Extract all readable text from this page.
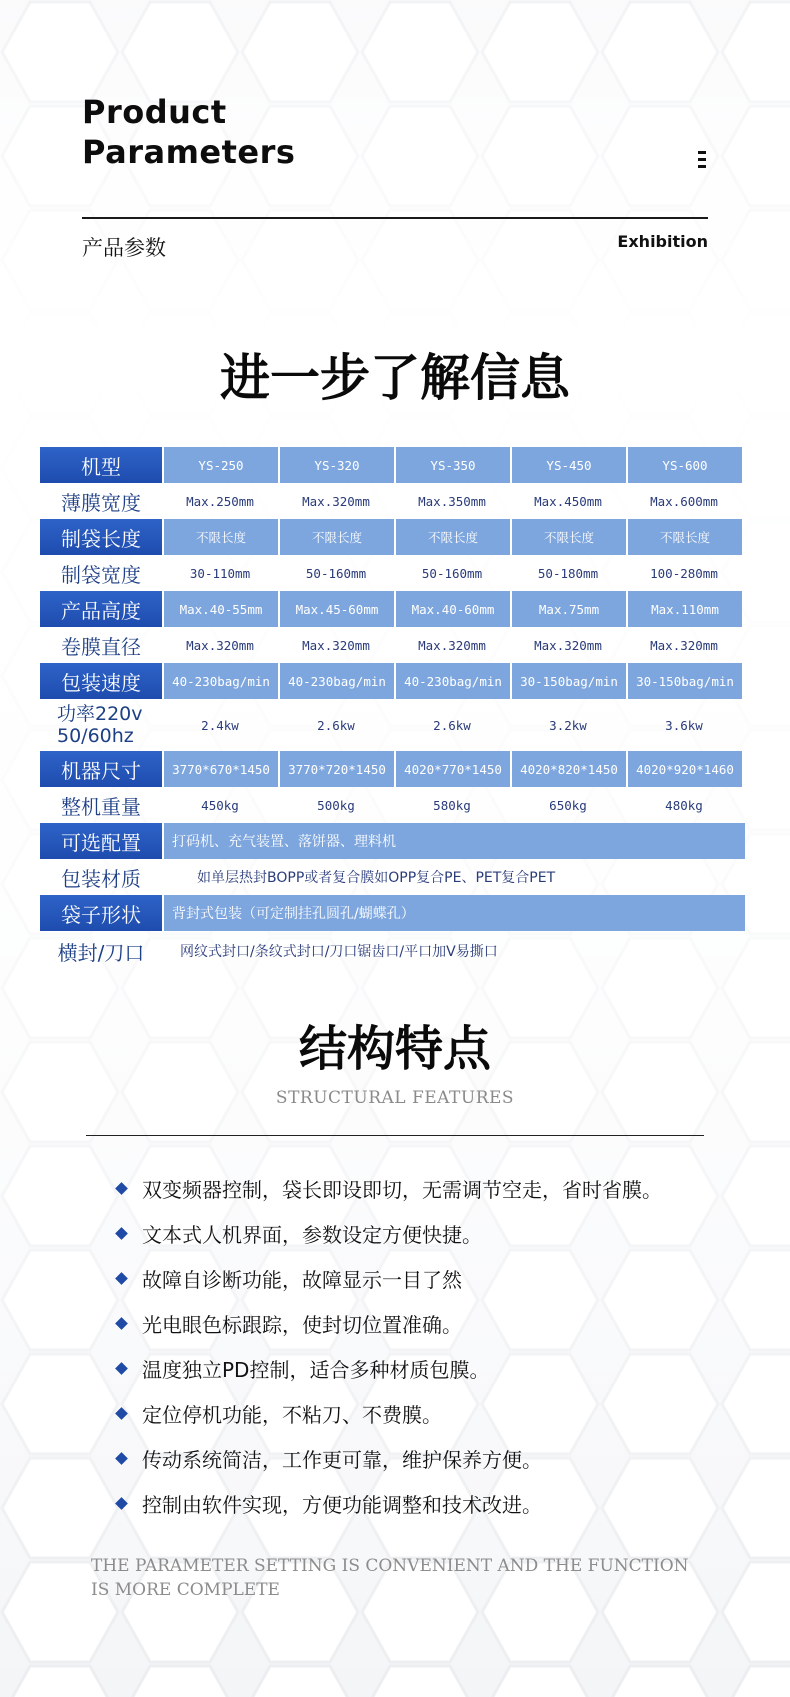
Product
Parameters
产品参数	Exhibition
进一步了解信息
机型	YS-250	YS-320	YS-350	YS-450	YS-600
薄膜宽度	Max.250mm	Max.320mm	Max.350mm	Max.450mm	Max.600mm
制袋长度	不限长度	不限长度	不限长度	不限长度	不限长度
制袋宽度	30-110mm	50-160mm	50-160mm	50-180mm	100-280mm
产品高度	Max.40-55mm	Max.45-60mm	Max.40-60mm	Max.75mm	Max.110mm
卷膜直径	Max.320mm	Max.320mm	Max.320mm	Max.320mm	Max.320mm
包装速度	40-230bag/min	40-230bag/min	40-230bag/min	30-150bag/min	30-150bag/min
功率220v 50/60hz	2.4kw	2.6kw	2.6kw	3.2kw	3.6kw
机器尺寸	3770*670*1450	3770*720*1450	4020*770*1450	4020*820*1450	4020*920*1460
整机重量	450kg	500kg	580kg	650kg	480kg
可选配置	打码机、充气装置、落饼器、理料机
包装材质	如单层热封BOPP或者复合膜如OPP复合PE、PET复合PET
袋子形状	背封式包装（可定制挂孔圆孔/蝴蝶孔）
横封/刀口	网纹式封口/条纹式封口/刀口锯齿口/平口加V易撕口
结构特点
STRUCTURAL FEATURES
双变频器控制，袋长即设即切，无需调节空走，省时省膜。
文本式人机界面，参数设定方便快捷。
故障自诊断功能，故障显示一目了然
光电眼色标跟踪，使封切位置准确。
温度独立PD控制，适合多种材质包膜。
定位停机功能，不粘刀、不费膜。
传动系统简洁，工作更可靠，维护保养方便。
控制由软件实现，方便功能调整和技术改进。
THE PARAMETER SETTING IS CONVENIENT AND THE FUNCTION
IS MORE COMPLETE
